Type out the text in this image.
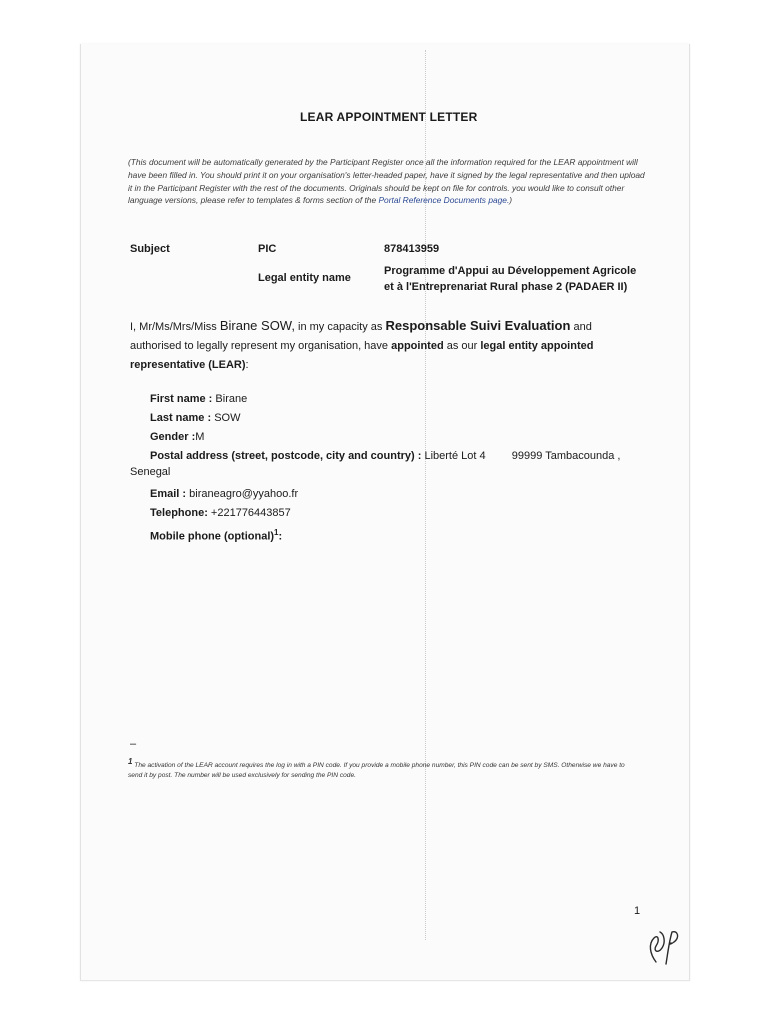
LEAR APPOINTMENT LETTER
(This document will be automatically generated by the Participant Register once all the information required for the LEAR appointment will have been filled in. You should print it on your organisation's letter-headed paper, have it signed by the legal representative and then upload it in the Participant Register with the rest of the documents. Originals should be kept on file for controls. you would like to consult other language versions, please refer to templates & forms section of the Portal Reference Documents page.)
Subject	PIC	878413959
Legal entity name
Programme d'Appui au Développement Agricole
et à l'Entreprenariat Rural phase 2 (PADAER II)
I, Mr/Ms/Mrs/Miss Birane SOW, in my capacity as Responsable Suivi Evaluation and authorised to legally represent my organisation, have appointed as our legal entity appointed representative (LEAR):
First name : Birane
Last name : SOW
Gender :M
Postal address (street, postcode, city and country) : Liberté Lot 4 99999 Tambacounda ,
Email : biraneagro@yyahoo.fr
Telephone: +221776443857
Mobile phone (optional)$^1$:
Senegal
–
$^1$ The activation of the LEAR account requires the log in with a PIN code. If you provide a mobile phone number, this PIN code can be sent by SMS. Otherwise we have to send it by post. The number will be used exclusively for sending the PIN code.
1
